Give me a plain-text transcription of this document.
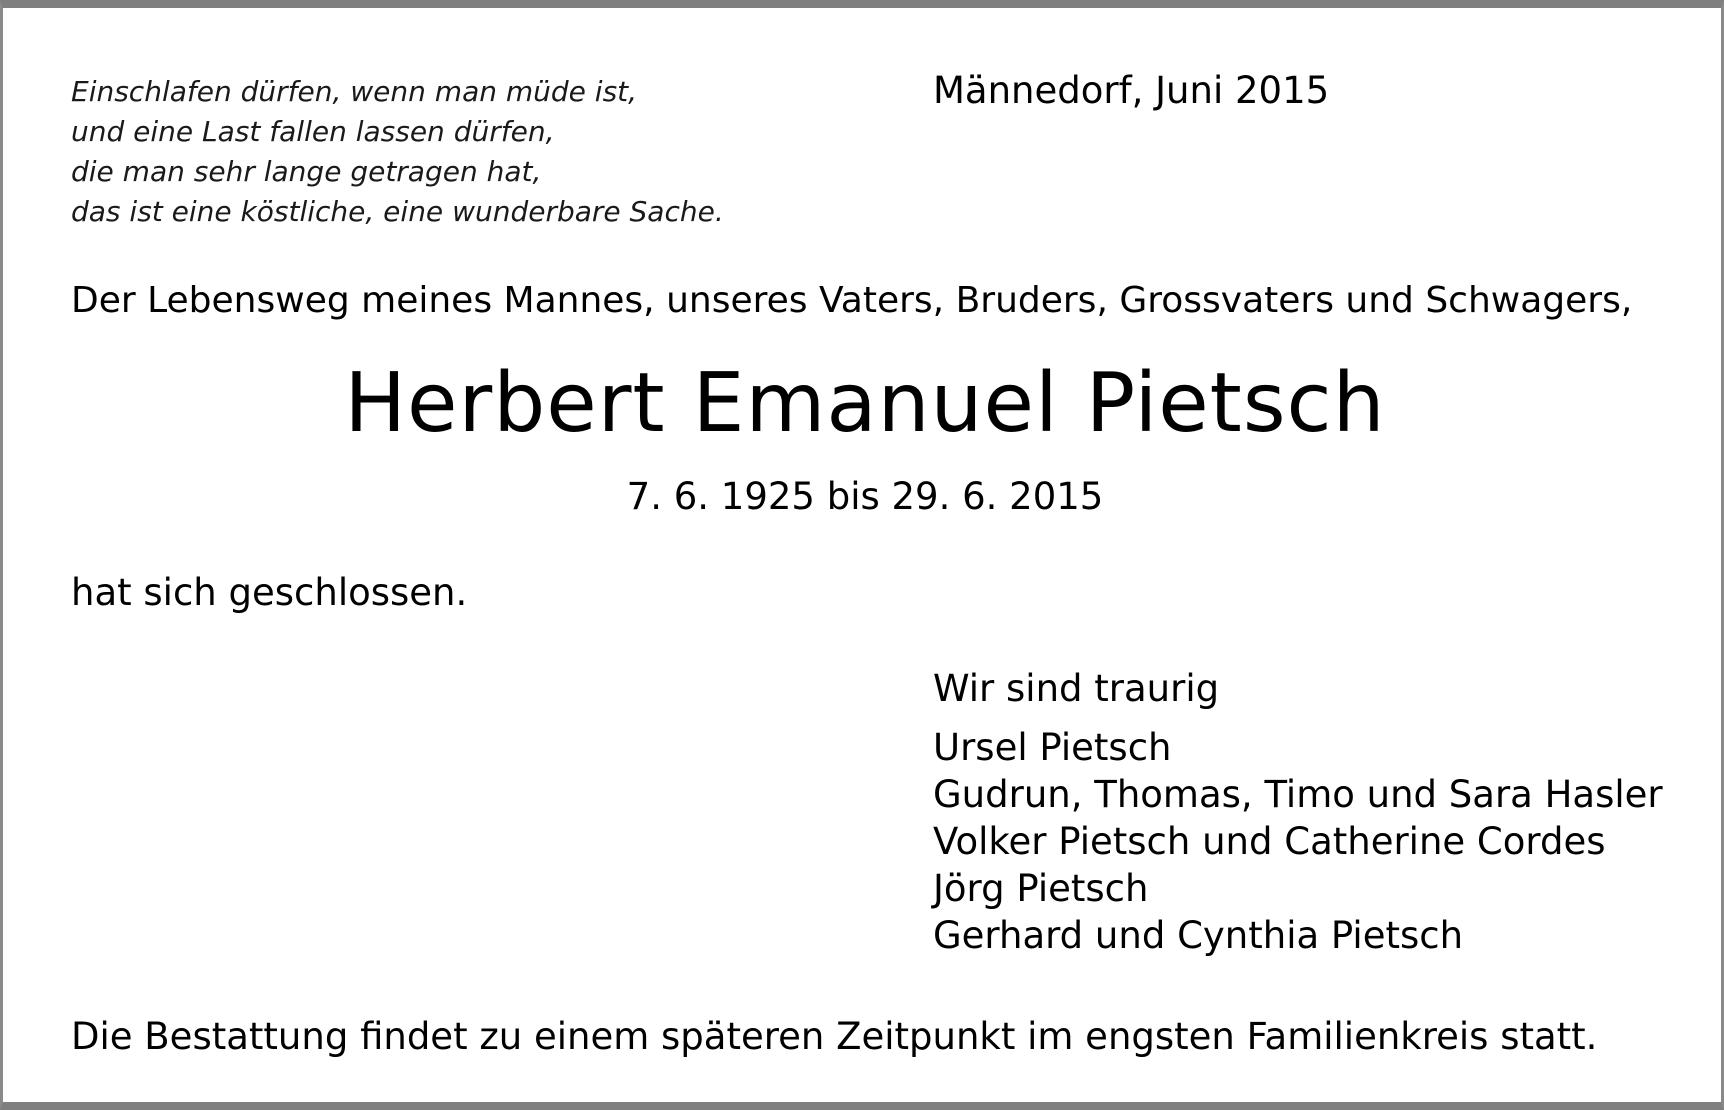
Einschlafen dürfen, wenn man müde ist,
und eine Last fallen lassen dürfen,
die man sehr lange getragen hat,
das ist eine köstliche, eine wunderbare Sache.
Männedorf, Juni 2015
Der Lebensweg meines Mannes, unseres Vaters, Bruders, Grossvaters und Schwagers,
Herbert Emanuel Pietsch
7. 6. 1925 bis 29. 6. 2015
hat sich geschlossen.
Wir sind traurig
Ursel Pietsch
Gudrun, Thomas, Timo und Sara Hasler
Volker Pietsch und Catherine Cordes
Jörg Pietsch
Gerhard und Cynthia Pietsch
Die Bestattung findet zu einem späteren Zeitpunkt im engsten Familienkreis statt.
